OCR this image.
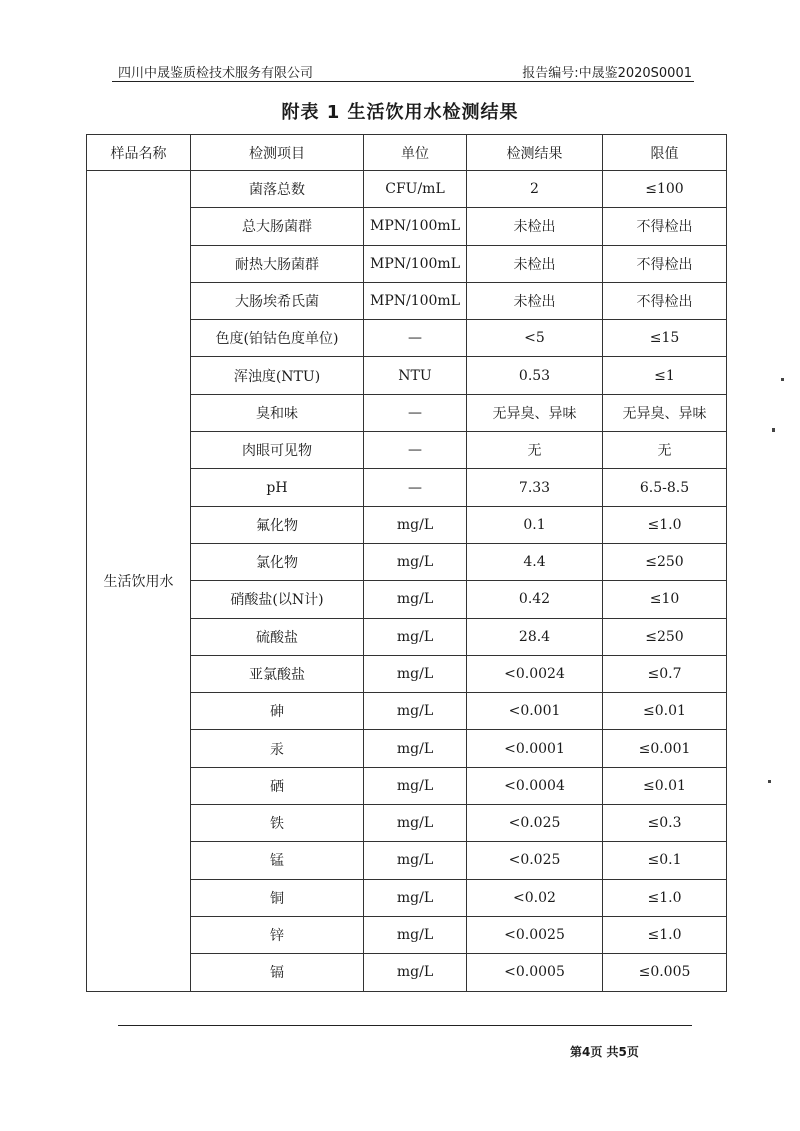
四川中晟鉴质检技术服务有限公司	报告编号:中晟鉴2020S0001
附表 1 生活饮用水检测结果
样品名称	检测项目	单位	检测结果	限值
生活饮用水	菌落总数	CFU/mL	2	≤100
	总大肠菌群	MPN/100mL	未检出	不得检出
	耐热大肠菌群	MPN/100mL	未检出	不得检出
	大肠埃希氏菌	MPN/100mL	未检出	不得检出
	色度(铂钴色度单位)	—	<5	≤15
	浑浊度(NTU)	NTU	0.53	≤1
	臭和味	—	无异臭、异味	无异臭、异味
	肉眼可见物	—	无	无
	pH	—	7.33	6.5-8.5
	氟化物	mg/L	0.1	≤1.0
	氯化物	mg/L	4.4	≤250
	硝酸盐(以N计)	mg/L	0.42	≤10
	硫酸盐	mg/L	28.4	≤250
	亚氯酸盐	mg/L	<0.0024	≤0.7
	砷	mg/L	<0.001	≤0.01
	汞	mg/L	<0.0001	≤0.001
	硒	mg/L	<0.0004	≤0.01
	铁	mg/L	<0.025	≤0.3
	锰	mg/L	<0.025	≤0.1
	铜	mg/L	<0.02	≤1.0
	锌	mg/L	<0.0025	≤1.0
	镉	mg/L	<0.0005	≤0.005
第4页 共5页
